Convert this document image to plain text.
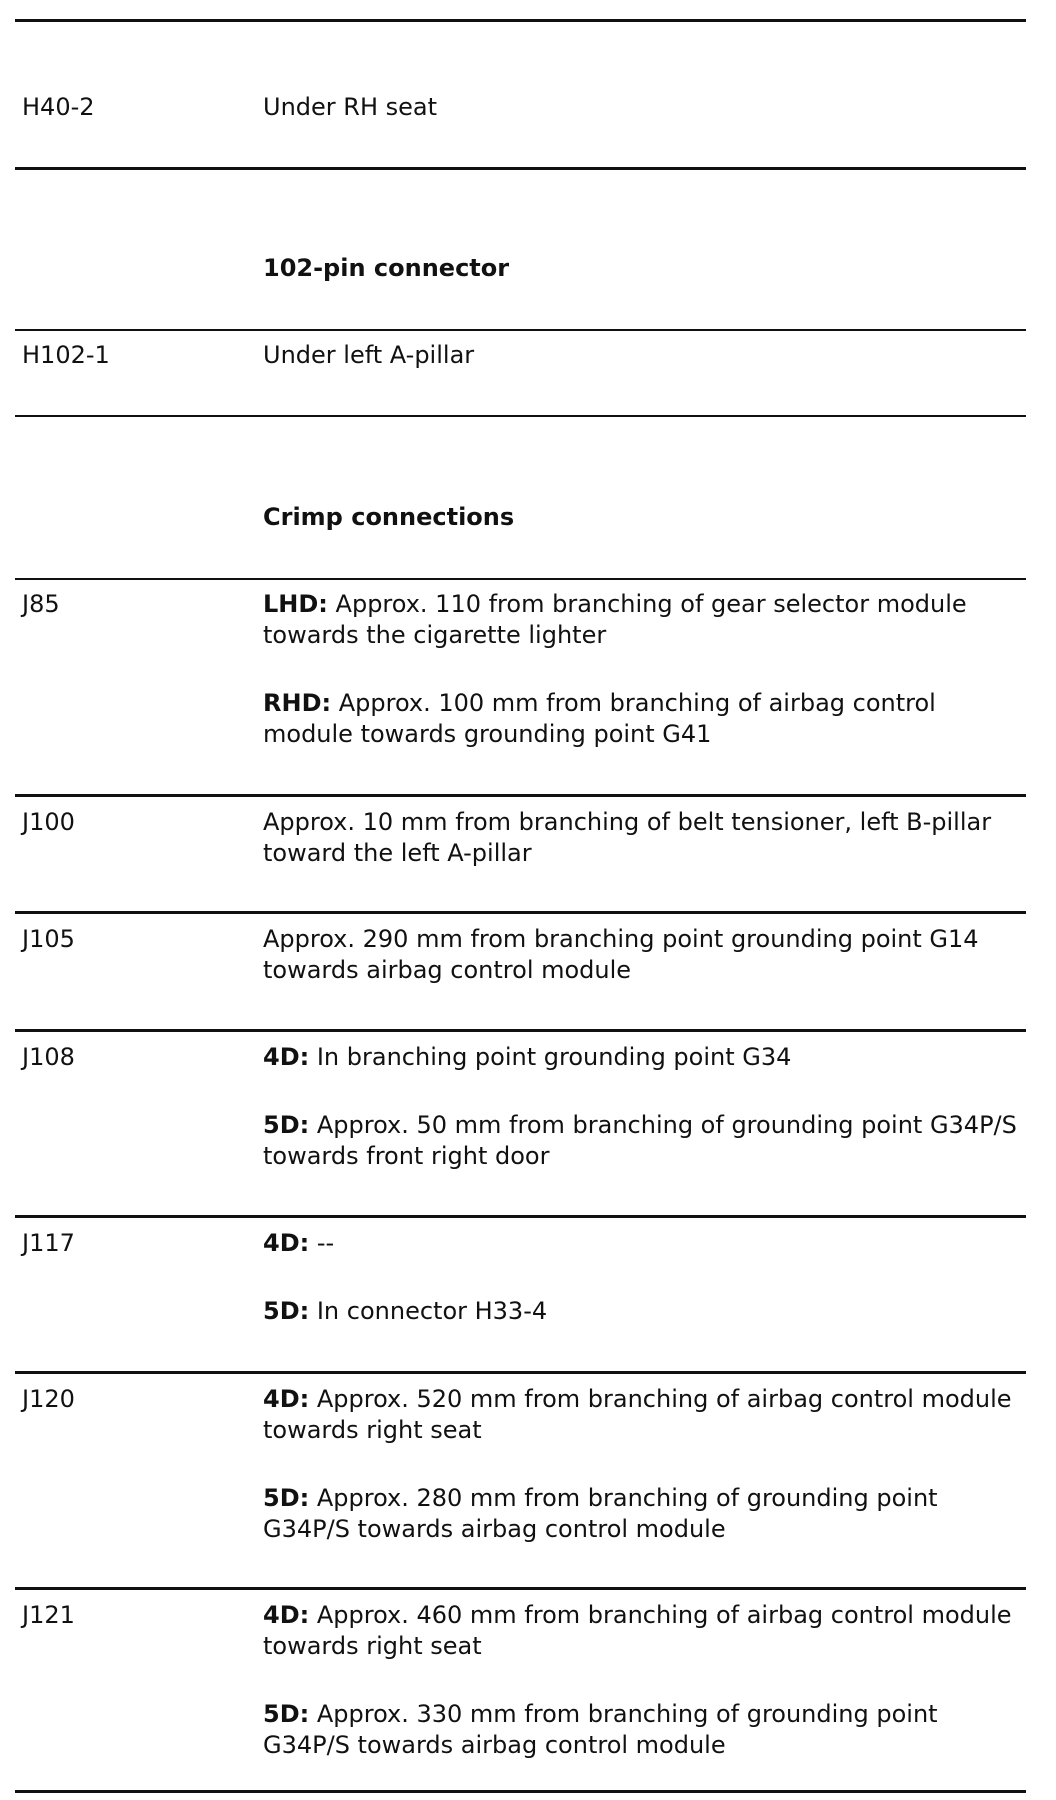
H40-2	Under RH seat

102-pin connector
H102-1	Under left A-pillar

Crimp connections
J85	LHD: Approx. 110 from branching of gear selector module towards the cigarette lighter

RHD: Approx. 100 mm from branching of airbag control module towards grounding point G41

J100	Approx. 10 mm from branching of belt tensioner, left B-pillar toward the left A-pillar

J105	Approx. 290 mm from branching point grounding point G14 towards airbag control module

J108	4D: In branching point grounding point G34

5D: Approx. 50 mm from branching of grounding point G34P/S towards front right door

J117	4D: --

5D: In connector H33-4

J120	4D: Approx. 520 mm from branching of airbag control module towards right seat

5D: Approx. 280 mm from branching of grounding point G34P/S towards airbag control module

J121	4D: Approx. 460 mm from branching of airbag control module towards right seat

5D: Approx. 330 mm from branching of grounding point G34P/S towards airbag control module
